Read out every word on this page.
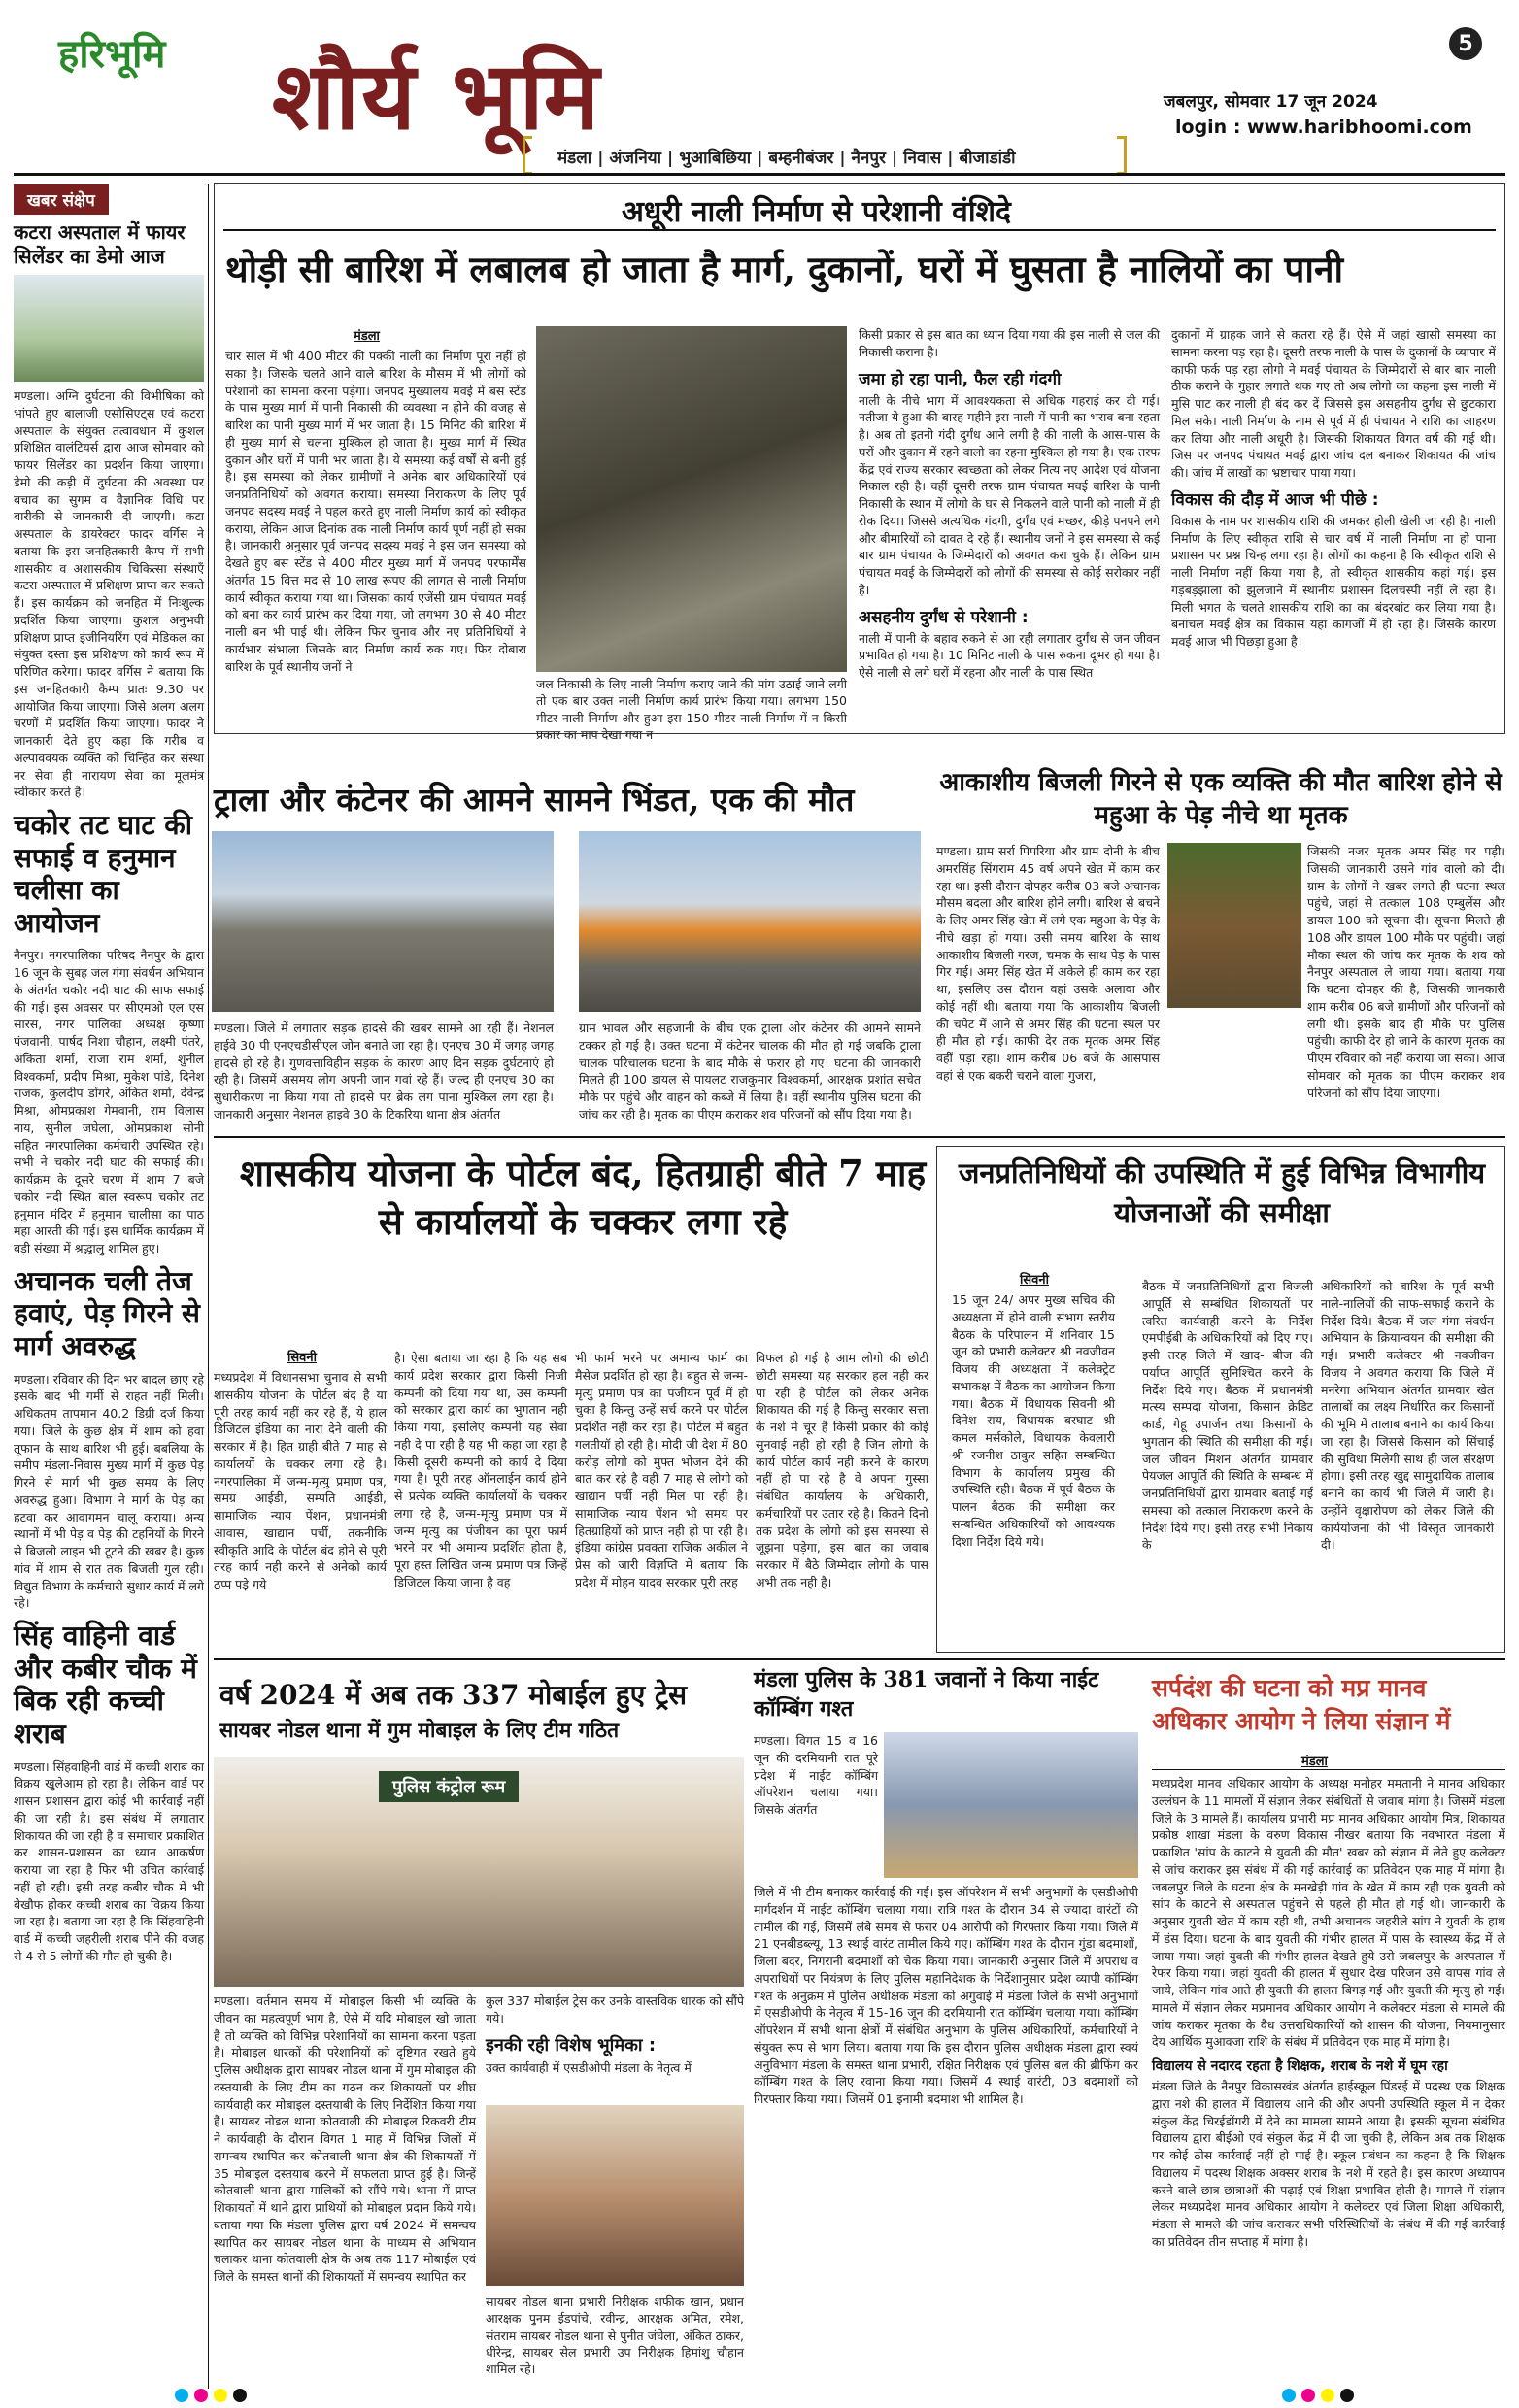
हरिभूमि शौर्य भूमि	5
जबलपुर, सोमवार 17 जून 2024
login : www.haribhoomi.com
मंडला | अंजनिया | भुआबिछिया | बम्हनीबंजर | नैनपुर | निवास | बीजाडांडी
खबर संक्षेप
कटरा अस्पताल में फायर सिलेंडर का डेमो आज
मण्डला। अग्नि दुर्घटना की विभीषिका को भांपते हुए बालाजी एसोसिएट्स एवं कटरा अस्पताल के संयुक्त तत्वावधान में कुशल प्रशिक्षित वालंटियर्स द्वारा आज सोमवार को फायर सिलेंडर का प्रदर्शन किया जाएगा। डेमो की कड़ी में दुर्घटना की अवस्था पर बचाव का सुगम व वैज्ञानिक विधि पर बारीकी से जानकारी दी जाएगी। कटा अस्पताल के डायरेक्टर फादर वर्गिस ने बताया कि इस जनहितकारी कैम्प में सभी शासकीय व अशासकीय चिकित्सा संस्थाएँ कटरा अस्पताल में प्रशिक्षण प्राप्त कर सकते हैं। इस कार्यक्रम को जनहित में निःशुल्क प्रदर्शित किया जाएगा। कुशल अनुभवी प्रशिक्षण प्राप्त इंजीनियरिंग एवं मेडिकल का संयुक्त दस्ता इस प्रशिक्षण को कार्य रूप में परिणित करेगा। फादर वर्गिस ने बताया कि इस जनहितकारी कैम्प प्रातः 9.30 पर आयोजित किया जाएगा। जिसे अलग अलग चरणों में प्रदर्शित किया जाएगा। फादर ने जानकारी देते हुए कहा कि गरीब व अल्पाववयक व्यक्ति को चिन्हित कर संस्था नर सेवा ही नारायण सेवा का मूलमंत्र स्वीकार करते है।
चकोर तट घाट की सफाई व हनुमान चलीसा का आयोजन
नैनपुर। नगरपालिका परिषद नैनपुर के द्वारा 16 जून के सुबह जल गंगा संवर्धन अभियान के अंतर्गत चकोर नदी घाट की साफ सफाई की गई। इस अवसर पर सीएमओ एल एस सारस, नगर पालिका अध्यक्ष कृष्णा पंजवानी, पार्षद निशा चौहान, लक्ष्मी पंतरे, अंकिता शर्मा, राजा राम शर्मा, शुनील विश्वकर्मा, प्रदीप मिश्रा, मुकेश पांडे, दिनेश राजक, कुलदीप डोंगरे, अंकित शर्मा, देवेन्द्र मिश्रा, ओमप्रकाश गेमवानी, राम विलास नाय, सुनील जघेला, ओमप्रकाश सोनी सहित नगरपालिका कर्मचारी उपस्थित रहे। सभी ने चकोर नदी घाट की सफाई की। कार्यक्रम के दूसरे चरण में शाम 7 बजे चकोर नदी स्थित बाल स्वरूप चकोर तट हनुमान मंदिर में हनुमान चालीसा का पाठ महा आरती की गई। इस धार्मिक कार्यक्रम में बड़ी संख्या में श्रद्धालु शामिल हुए।
अचानक चली तेज हवाएं, पेड़ गिरने से मार्ग अवरुद्ध
मण्डला। रविवार की दिन भर बादल छाए रहे इसके बाद भी गर्मी से राहत नहीं मिली। अधिकतम तापमान 40.2 डिग्री दर्ज किया गया। जिले के कुछ क्षेत्र में शाम को हवा तूफान के साथ बारिश भी हुई। बबलिया के समीप मंडला-निवास मुख्य मार्ग में कुछ पेड़ गिरने से मार्ग भी कुछ समय के लिए अवरुद्ध हुआ। विभाग ने मार्ग के पेड़ का हटवा कर आवागमन चालू कराया। अन्य स्थानों में भी पेड़ व पेड़ की टहनियों के गिरने से बिजली लाइन भी टूटने की खबर है। कुछ गांव में शाम से रात तक बिजली गुल रही। विद्युत विभाग के कर्मचारी सुधार कार्य में लगे रहे।
सिंह वाहिनी वार्ड और कबीर चौक में बिक रही कच्ची शराब
मण्डला। सिंहवाहिनी वार्ड में कच्ची शराब का विक्रय खुलेआम हो रहा है। लेकिन वार्ड पर शासन प्रशासन द्वारा कोई भी कार्रवाई नहीं की जा रही है। इस संबंध में लगातार शिकायत की जा रही है व समाचार प्रकाशित कर शासन-प्रशासन का ध्यान आकर्षण कराया जा रहा है फिर भी उचित कार्रवाई नहीं हो रही। इसी तरह कबीर चौक में भी बेखौफ होकर कच्ची शराब का विक्रय किया जा रहा है। बताया जा रहा है कि सिंहवाहिनी वार्ड में कच्ची जहरीली शराब पीने की वजह से 4 से 5 लोगों की मौत हो चुकी है।
अधूरी नाली निर्माण से परेशानी वंशिदे
थोड़ी सी बारिश में लबालब हो जाता है मार्ग, दुकानों, घरों में घुसता है नालियों का पानी
मंडला
चार साल में भी 400 मीटर की पक्की नाली का निर्माण पूरा नहीं हो सका है। जिसके चलते आने वाले बारिश के मौसम में भी लोगों को परेशानी का सामना करना पड़ेगा। जनपद मुख्यालय मवई में बस स्टेंड के पास मुख्य मार्ग में पानी निकासी की व्यवस्था न होने की वजह से बारिश का पानी मुख्य मार्ग में भर जाता है। 15 मिनिट की बारिश में ही मुख्य मार्ग से चलना मुश्किल हो जाता है। मुख्य मार्ग में स्थित दुकान और घरों में पानी भर जाता है। ये समस्या कई वर्षों से बनी हुई है। इस समस्या को लेकर ग्रामीणों ने अनेक बार अधिकारियों एवं जनप्रतिनिधियों को अवगत कराया। समस्या निराकरण के लिए पूर्व जनपद सदस्य मवई ने पहल करते हुए नाली निर्माण कार्य को स्वीकृत कराया, लेकिन आज दिनांक तक नाली निर्माण कार्य पूर्ण नहीं हो सका है। जानकारी अनुसार पूर्व जनपद सदस्य मवई ने इस जन समस्या को देखते हुए बस स्टेंड से 400 मीटर मुख्य मार्ग में जनपद परफार्मेंस अंतर्गत 15 वित्त मद से 10 लाख रूपए की लागत से नाली निर्माण कार्य स्वीकृत कराया गया था। जिसका कार्य एजेंसी ग्राम पंचायत मवई को बना कर कार्य प्रारंभ कर दिया गया, जो लगभग 30 से 40 मीटर नाली बन भी पाई थी। लेकिन फिर चुनाव और नए प्रतिनिधियों ने कार्यभार संभाला जिसके बाद निर्माण कार्य रुक गए। फिर दोबारा बारिश के पूर्व स्थानीय जनों ने
जल निकासी के लिए नाली निर्माण कराए जाने की मांग उठाई जाने लगी तो एक बार उक्त नाली निर्माण कार्य प्रारंभ किया गया। लगभग 150 मीटर नाली निर्माण और हुआ इस 150 मीटर नाली निर्माण में न किसी प्रकार का माप देखा गया न
किसी प्रकार से इस बात का ध्यान दिया गया की इस नाली से जल की निकासी कराना है।
जमा हो रहा पानी, फैल रही गंदगी
नाली के नीचे भाग में आवश्यकता से अधिक गहराई कर दी गई। नतीजा ये हुआ की बारह महीने इस नाली में पानी का भराव बना रहता है। अब तो इतनी गंदी दुर्गंध आने लगी है की नाली के आस-पास के घरों और दुकान में रहने वालो का रहना मुश्किल हो गया है। एक तरफ केंद्र एवं राज्य सरकार स्वच्छता को लेकर नित्य नए आदेश एवं योजना निकाल रही है। वहीं दूसरी तरफ ग्राम पंचायत मवई बारिश के पानी निकासी के स्थान में लोगो के घर से निकलने वाले पानी को नाली में ही रोक दिया। जिससे अत्यधिक गंदगी, दुर्गंध एवं मच्छर, कीड़े पनपने लगे और बीमारियों को दावत दे रहे हैं। स्थानीय जनों ने इस समस्या से कई बार ग्राम पंचायत के जिम्मेदारों को अवगत करा चुके हैं। लेकिन ग्राम पंचायत मवई के जिम्मेदारों को लोगों की समस्या से कोई सरोकार नहीं है।
असहनीय दुर्गंध से परेशानी :
नाली में पानी के बहाव रुकने से आ रही लगातार दुर्गंध से जन जीवन प्रभावित हो गया है। 10 मिनिट नाली के पास रुकना दूभर हो गया है। ऐसे नाली से लगे घरों में रहना और नाली के पास स्थित
दुकानों में ग्राहक जाने से कतरा रहे हैं। ऐसे में जहां खासी समस्या का सामना करना पड़ रहा है। दूसरी तरफ नाली के पास के दुकानों के व्यापार में काफी फर्क पड़ रहा लोगो ने मवई पंचायत के जिम्मेदारों से बार बार नाली ठीक कराने के गुहार लगाते थक गए तो अब लोगो का कहना इस नाली में मुसि पाट कर नाली ही बंद कर दें जिससे इस असहनीय दुर्गंध से छुटकारा मिल सके। नाली निर्माण के नाम से पूर्व में ही पंचायत ने राशि का आहरण कर लिया और नाली अधूरी है। जिसकी शिकायत विगत वर्ष की गई थी। जिस पर जनपद पंचायत मवई द्वारा जांच दल बनाकर शिकायत की जांच की। जांच में लाखों का भ्रष्टाचार पाया गया।
विकास की दौड़ में आज भी पीछे :
विकास के नाम पर शासकीय राशि की जमकर होली खेली जा रही है। नाली निर्माण के लिए स्वीकृत राशि से चार वर्ष में नाली निर्माण ना हो पाना प्रशासन पर प्रश्न चिन्ह लगा रहा है। लोगों का कहना है कि स्वीकृत राशि से नाली निर्माण नहीं किया गया है, तो स्वीकृत शासकीय कहां गई। इस गड़बड़झाला को झुलजाने में स्थानीय प्रशासन दिलचस्पी नहीं ले रहा है। मिली भगत के चलते शासकीय राशि का का बंदरबांट कर लिया गया है। बनांचल मवई क्षेत्र का विकास यहां कागजों में हो रहा है। जिसके कारण मवई आज भी पिछड़ा हुआ है।
ट्राला और कंटेनर की आमने सामने भिंडत, एक की मौत
मण्डला। जिले में लगातार सड़क हादसे की खबर सामने आ रही हैं। नेशनल हाईवे 30 पी एनएचडीसीएल जोन बनाते जा रहा है। एनएच 30 में जगह जगह हादसे हो रहे है। गुणवत्ताविहीन सड़क के कारण आए दिन सड़क दुर्घटनाएं हो रही है। जिसमें असमय लोग अपनी जान गवां रहे हैं। जल्द ही एनएच 30 का सुधारीकरण ना किया गया तो हादसे पर ब्रेक लग पाना मुश्किल लग रहा है। जानकारी अनुसार नेशनल हाइवे 30 के टिकरिया थाना क्षेत्र अंतर्गत
ग्राम भावल और सहजानी के बीच एक ट्राला ओर कंटेनर की आमने सामने टक्कर हो गई है। उक्त घटना में कंटेनर चालक की मौत हो गई जबकि ट्राला चालक परिचालक घटना के बाद मौके से फरार हो गए। घटना की जानकारी मिलते ही 100 डायल से पायलट राजकुमार विश्वकर्मा, आरक्षक प्रशांत सचेत मौके पर पहुंचे और वाहन को कब्जे में लिया है। वहीं स्थानीय पुलिस घटना की जांच कर रही है। मृतक का पीएम कराकर शव परिजनों को सौंप दिया गया है।
आकाशीय बिजली गिरने से एक व्यक्ति की मौत बारिश होने से महुआ के पेड़ नीचे था मृतक
मण्डला। ग्राम सर्रा पिपरिया और ग्राम दोनी के बीच अमरसिंह सिंगराम 45 वर्ष अपने खेत में काम कर रहा था। इसी दौरान दोपहर करीब 03 बजे अचानक मौसम बदला और बारिश होने लगी। बारिश से बचने के लिए अमर सिंह खेत में लगे एक महुआ के पेड़ के नीचे खड़ा हो गया। उसी समय बारिश के साथ आकाशीय बिजली गरज, चमक के साथ पेड़ के पास गिर गई। अमर सिंह खेत में अकेले ही काम कर रहा था, इसलिए उस दौरान वहां उसके अलावा और कोई नहीं थी। बताया गया कि आकाशीय बिजली की चपेट में आने से अमर सिंह की घटना स्थल पर ही मौत हो गई। काफी देर तक मृतक अमर सिंह वहीं पड़ा रहा। शाम करीब 06 बजे के आसपास वहां से एक बकरी चराने वाला गुजरा,
जिसकी नजर मृतक अमर सिंह पर पड़ी। जिसकी जानकारी उसने गांव वालो को दी। ग्राम के लोगों ने खबर लगते ही घटना स्थल पहुंचे, जहां से तत्काल 108 एम्बुलेंस और डायल 100 को सूचना दी। सूचना मिलते ही 108 और डायल 100 मौके पर पहुंची। जहां मौका स्थल की जांच कर मृतक के शव को नैनपुर अस्पताल ले जाया गया। बताया गया कि घटना दोपहर की है, जिसकी जानकारी शाम करीब 06 बजे ग्रामीणों और परिजनों को लगी थी। इसके बाद ही मौके पर पुलिस पहुंची। काफी देर हो जाने के कारण मृतक का पीएम रविवार को नहीं कराया जा सका। आज सोमवार को मृतक का पीएम कराकर शव परिजनों को सौंप दिया जाएगा।
शासकीय योजना के पोर्टल बंद, हितग्राही बीते 7 माह से कार्यालयों के चक्कर लगा रहे
सिवनी
मध्यप्रदेश में विधानसभा चुनाव से सभी शासकीय योजना के पोर्टल बंद है या पूरी तरह कार्य नहीं कर रहे हैं, ये हाल डिजिटल इंडिया का नारा देने वाली की सरकार में है। हित ग्राही बीते 7 माह से कार्यालयों के चक्कर लगा रहे है। नगरपालिका में जन्म-मृत्यु प्रमाण पत्र, समग्र आईडी, सम्पति आईडी, सामाजिक न्याय पेंशन, प्रधानमंत्री आवास, खाद्यान पर्ची, तकनीकि स्वीकृति आदि के पोर्टल बंद होने से पूरी तरह कार्य नही करने से अनेको कार्य ठप्प पड़े गये
है। ऐसा बताया जा रहा है कि यह सब कार्य प्रदेश सरकार द्वारा किसी निजी कम्पनी को दिया गया था, उस कम्पनी को सरकार द्वारा कार्य का भुगतान नही किया गया, इसलिए कम्पनी यह सेवा नही दे पा रही है यह भी कहा जा रहा है किसी दूसरी कम्पनी को कार्य दे दिया गया है। पूरी तरह ऑनलाईन कार्य होने से प्रत्येक व्यक्ति कार्यालयों के चक्कर लगा रहे है, जन्म-मृत्यु प्रमाण पत्र में जन्म मृत्यु का पंजीयन का पूरा फार्म भरने पर भी अमान्य प्रदर्शित होता है, पूरा हस्त लिखित जन्म प्रमाण पत्र जिन्हें डिजिटल किया जाना है वह
भी फार्म भरने पर अमान्य फार्म का मैसेज प्रदर्शित हो रहा है। बहुत से जन्म-मृत्यु प्रमाण पत्र का पंजीयन पूर्व में हो चुका है किन्तु उन्हें सर्च करने पर पोर्टल प्रदर्शित नही कर रहा है। पोर्टल में बहुत गलतीयॉ हो रही है। मोदी जी देश में 80 करोड़ लोगो को मुफ्त भोजन देने की बात कर रहे है वही 7 माह से लोगो को खाद्यान पर्ची नही मिल पा रही है। सामाजिक न्याय पेंशन भी समय पर हितग्राहियों को प्राप्त नही हो पा रही है। इंडिया कांग्रेस प्रवक्ता राजिक अकील ने प्रेस को जारी विज्ञप्ति में बताया कि प्रदेश में मोहन यादव सरकार पूरी तरह
विफल हो गई है आम लोगो की छोटी छोटी समस्या यह सरकार हल नही कर पा रही है पोर्टल को लेकर अनेक शिकायत की गई है किन्तु सरकार सत्ता के नशे मे चूर है किसी प्रकार की कोई सुनवाई नही हो रही है जिन लोगो के कार्य पोर्टल कार्य नही करने के कारण नहीं हो पा रहे है वे अपना गुस्सा संबंधित कार्यालय के अधिकारी, कर्मचारियों पर उतार रहे है। कितने दिनो तक प्रदेश के लोगो को इस समस्या से जूझना पड़ेगा, इस बात का जवाब सरकार में बैठे जिम्मेदार लोगो के पास अभी तक नही है।
जनप्रतिनिधियों की उपस्थिति में हुई विभिन्न विभागीय योजनाओं की समीक्षा
सिवनी
15 जून 24/ अपर मुख्य सचिव की अध्यक्षता में होने वाली संभाग स्तरीय बैठक के परिपालन में शनिवार 15 जून को प्रभारी कलेक्टर श्री नवजीवन विजय की अध्यक्षता में कलेक्ट्रेट सभाकक्ष में बैठक का आयोजन किया गया। बैठक में विधायक सिवनी श्री दिनेश राय, विधायक बरघाट श्री कमल मर्सकोले, विधायक केवलारी श्री रजनीश ठाकुर सहित सम्बन्धित विभाग के कार्यालय प्रमुख की उपस्थिति रही। बैठक में पूर्व बैठक के पालन बैठक की समीक्षा कर सम्बन्धित अधिकारियों को आवश्यक दिशा निर्देश दिये गये।
बैठक में जनप्रतिनिधियों द्वारा बिजली आपूर्ति से सम्बंधित शिकायतों पर त्वरित कार्यवाही करने के निर्देश एमपीईबी के अधिकारियों को दिए गए। इसी तरह जिले में खाद- बीज की पर्याप्त आपूर्ति सुनिश्चित करने के निर्देश दिये गए। बैठक में प्रधानमंत्री मत्स्य सम्पदा योजना, किसान क्रेडिट कार्ड, गेहू उपार्जन तथा किसानों के भुगतान की स्थिति की समीक्षा की गई। जल जीवन मिशन अंतर्गत ग्रामवार पेयजल आपूर्ति की स्थिति के सम्बन्ध में जनप्रतिनिधियों द्वारा ग्रामवार बताई गई समस्या को तत्काल निराकरण करने के निर्देश दिये गए। इसी तरह सभी निकाय के
अधिकारियों को बारिश के पूर्व सभी नाले-नालियों की साफ-सफाई कराने के निर्देश दिये। बैठक में जल गंगा संवर्धन अभियान के क्रियान्वयन की समीक्षा की गई। प्रभारी कलेक्टर श्री नवजीवन विजय ने अवगत कराया कि जिले में मनरेगा अभियान अंतर्गत ग्रामवार खेत तालाबों का लक्ष्य निर्धारित कर किसानों की भूमि में तालाब बनाने का कार्य किया जा रहा है। जिससे किसान को सिंचाई की सुविधा मिलेगी साथ ही जल संरक्षण होगा। इसी तरह खुद्द सामुदायिक तालाब बनाने का कार्य भी जिले में जारी है। उन्होंने वृक्षारोपण को लेकर जिले की कार्ययोजना की भी विस्तृत जानकारी दी।
वर्ष 2024 में अब तक 337 मोबाईल हुए ट्रेस
सायबर नोडल थाना में गुम मोबाइल के लिए टीम गठित
पुलिस कंट्रोल रूम
मण्डला। वर्तमान समय में मोबाइल किसी भी व्यक्ति के जीवन का महत्वपूर्ण भाग है, ऐसे में यदि मोबाइल खो जाता है तो व्यक्ति को विभिन्न परेशानियों का सामना करना पड़ता है। मोबाइल धारकों की परेशानियों को दृष्टिगत रखते हुये पुलिस अधीक्षक द्वारा सायबर नोडल थाना में गुम मोबाइल की दस्तयाबी के लिए टीम का गठन कर शिकायतों पर शीघ्र कार्यवाही कर मोबाइल दस्तयाबी के लिए निर्देशित किया गया है। सायबर नोडल थाना कोतवाली की मोबाइल रिकवरी टीम ने कार्यवाही के दौरान विगत 1 माह में विभिन्न जिलों में समन्वय स्थापित कर कोतवाली थाना क्षेत्र की शिकायतों में 35 मोबाइल दस्तयाब करने में सफलता प्राप्त हुई है। जिन्हें कोतवाली थाना द्वारा मालिकों को सौंपे गये। थाना में प्राप्त शिकायतों में थाने द्वारा प्राथियों को मोबाइल प्रदान किये गये। बताया गया कि मंडला पुलिस द्वारा वर्ष 2024 में समन्वय स्थापित कर सायबर नोडल थाना के माध्यम से अभियान चलाकर थाना कोतवाली क्षेत्र के अब तक 117 मोबाईल एवं जिले के समस्त थानों की शिकायतों में समन्वय स्थापित कर
कुल 337 मोबाईल ट्रेस कर उनके वास्तविक धारक को सौंपे गये।
इनकी रही विशेष भूमिका :
उक्त कार्यवाही में एसडीओपी मंडला के नेतृत्व में
सायबर नोडल थाना प्रभारी निरीक्षक शफीक खान, प्रधान आरक्षक पुनम ईडपांचे, रवीन्द्र, आरक्षक अमित, रमेश, संतराम सायबर नोडल थाना से पुनीत जंघेला, अंकित ठाकर, धीरेन्द्र, सायबर सेल प्रभारी उप निरीक्षक हिमांशु चौहान शामिल रहे।
मंडला पुलिस के 381 जवानों ने किया नाईट कॉम्बिंग गश्त
मण्डला। विगत 15 व 16 जून की दरमियानी रात पूरे प्रदेश में नाईट कॉम्बिंग ऑपरेशन चलाया गया। जिसके अंतर्गत
जिले में भी टीम बनाकर कार्रवाई की गई। इस ऑपरेशन में सभी अनुभागों के एसडीओपी मार्गदर्शन में नाईट कॉम्बिंग चलाया गया। रात्रि गश्त के दौरान 34 से ज्यादा वारंटों की तामील की गई, जिसमें लंबे समय से फरार 04 आरोपी को गिरफ्तार किया गया। जिले में 21 एनबीडब्ल्यू, 13 स्थाई वारंट तामील किये गए। कॉम्बिंग गश्त के दौरान गुंडा बदमाशों, जिला बदर, निगरानी बदमाशों को चेक किया गया। जानकारी अनुसार जिले में अपराध व अपराधियों पर नियंत्रण के लिए पुलिस महानिदेशक के निर्देशानुसार प्रदेश व्यापी कॉम्बिंग गश्त के अनुक्रम में पुलिस अधीक्षक मंडला को अगुवाई में मंडला जिले के सभी अनुभागों में एसडीओपी के नेतृत्व में 15-16 जून की दरमियानी रात कॉम्बिंग चलाया गया। कॉम्बिंग ऑपरेशन में सभी थाना क्षेत्रों में संबंधित अनुभाग के पुलिस अधिकारियों, कर्मचारियों ने संयुक्त रूप से भाग लिया। बताया गया कि इस दौरान पुलिस अधीक्षक मंडला द्वारा स्वयं अनुविभाग मंडला के समस्त थाना प्रभारी, रक्षित निरीक्षक एवं पुलिस बल की ब्रीफिंग कर कॉम्बिंग गश्त के लिए रवाना किया गया। जिसमें 4 स्थाई वारंटी, 03 बदमाशों को गिरफ्तार किया गया। जिसमें 01 इनामी बदमाश भी शामिल है।
सर्पदंश की घटना को मप्र मानव अधिकार आयोग ने लिया संज्ञान में
मंडला
मध्यप्रदेश मानव अधिकार आयोग के अध्यक्ष मनोहर ममतानी ने मानव अधिकार उल्लंघन के 11 मामलों में संज्ञान लेकर संबंधितों से जवाब मांगा है। जिसमें मंडला जिले के 3 मामले हैं। कार्यालय प्रभारी मप्र मानव अधिकार आयोग मित्र, शिकायत प्रकोष्ठ शाखा मंडला के वरुण विकास नीखर बताया कि नवभारत मंडला में प्रकाशित 'सांप के काटने से युवती की मौत' खबर को संज्ञान में लेते हुए कलेक्टर से जांच कराकर इस संबंध में की गई कार्रवाई का प्रतिवेदन एक माह में मांगा है। जबलपुर जिले के घटना क्षेत्र के मनखेड़ी गांव के खेत में काम रही एक युवती को सांप के काटने से अस्पताल पहुंचने से पहले ही मौत हो गई थी। जानकारी के अनुसार युवती खेत में काम रही थी, तभी अचानक जहरीले सांप ने युवती के हाथ में डंस दिया। घटना के बाद युवती की गंभीर हालत में पास के स्वास्थ्य केंद्र में ले जाया गया। जहां युवती की गंभीर हालत देखते हुये उसे जबलपुर के अस्पताल में रेफर किया गया। जहां युवती की हालत में सुधार देख परिजन उसे वापस गांव ले जाये, लेकिन गांव आते ही युवती की हालत बिगड़ गई और युवती की मृत्यु हो गई। मामले में संज्ञान लेकर मप्रमानव अधिकार आयोग ने कलेक्टर मंडला से मामले की जांच कराकर मृतका के वैध उत्तराधिकारियों को शासन की योजना, नियमानुसार देय आर्थिक मुआवजा राशि के संबंध में प्रतिवेदन एक माह में मांगा है।
विद्यालय से नदारद रहता है शिक्षक, शराब के नशे में घूम रहा
मंडला जिले के नैनपुर विकासखंड अंतर्गत हाईस्कूल पिंडरई में पदस्थ एक शिक्षक द्वारा नशे की हालत में विद्यालय आने की और अपनी उपस्थिति स्कूल में न देकर संकुल केंद्र चिरईडोंगरी में देने का मामला सामने आया है। इसकी सूचना संबंधित विद्यालय द्वारा बीईओ एवं संकुल केंद्र में दी जा चुकी है, लेकिन अब तक शिक्षक पर कोई ठोस कार्रवाई नहीं हो पाई है। स्कूल प्रबंधन का कहना है कि शिक्षक विद्यालय में पदस्थ शिक्षक अक्सर शराब के नशे में रहते है। इस कारण अध्यापन करने वाले छात्र-छात्राओं की पढ़ाई एवं शिक्षा प्रभावित होती है। मामले में संज्ञान लेकर मध्यप्रदेश मानव अधिकार आयोग ने कलेक्टर एवं जिला शिक्षा अधिकारी, मंडला से मामले की जांच कराकर सभी परिस्थितियों के संबंध में की गई कार्रवाई का प्रतिवेदन तीन सप्ताह में मांगा है।
